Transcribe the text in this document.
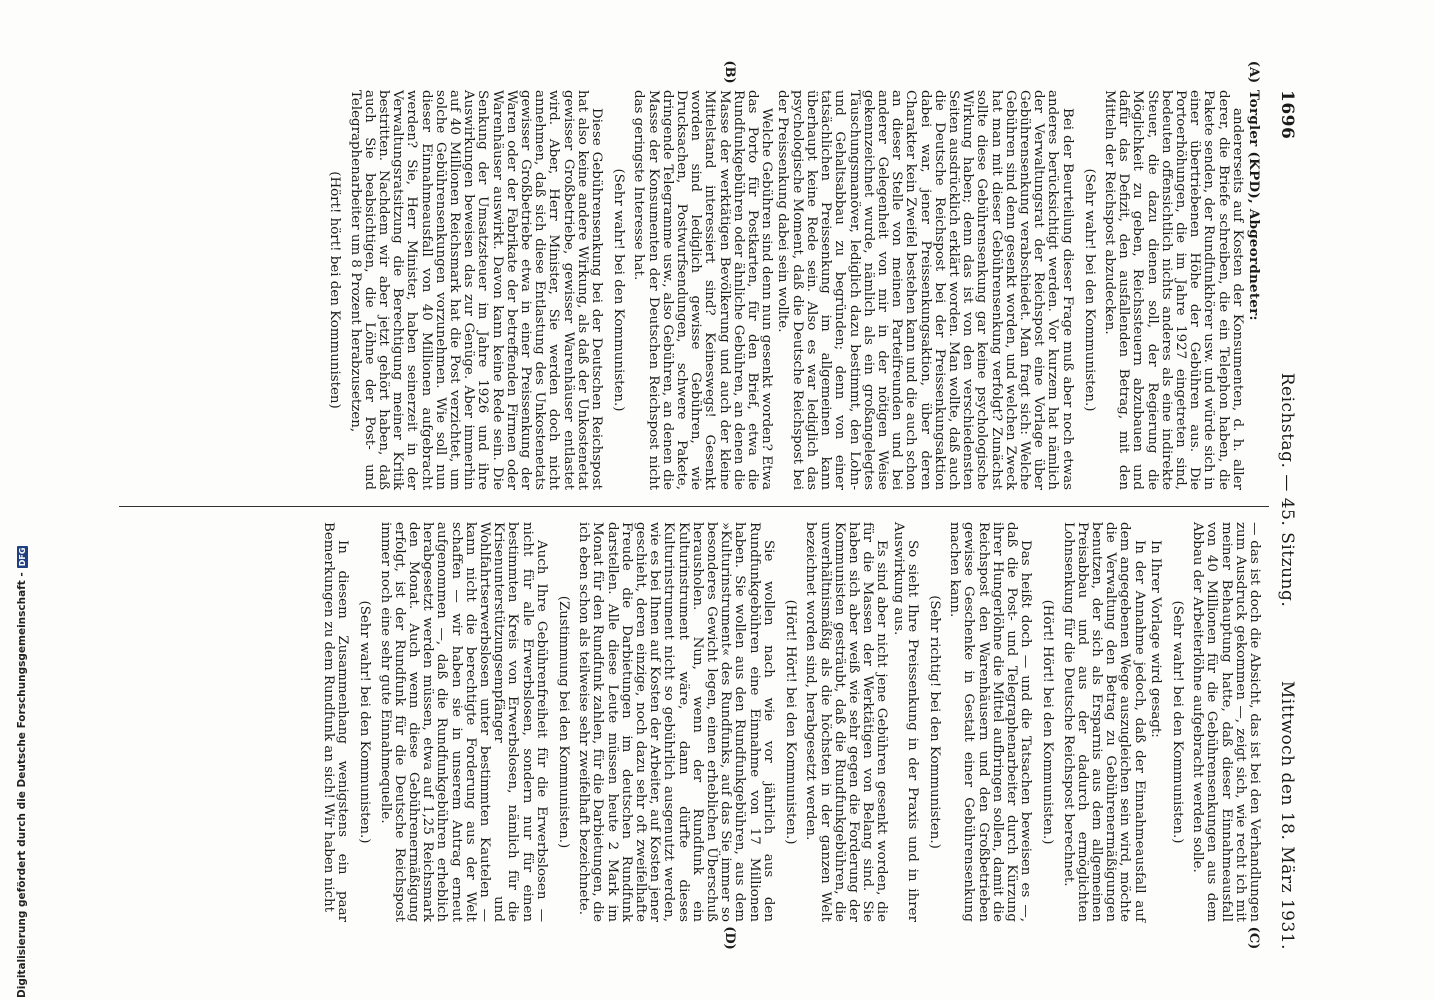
1696
Reichstag. — 45. Sitzung.
Mittwoch den 18. März 1931.
(A)
(B)
(C)
(D)

Torgler (KPD), Abgeordneter:

andererseits auf Kosten der Konsumenten, d. h. aller derer, die Briefe schreiben, die ein Telephon haben, die Pakete senden, der Rundfunkhörer usw. und würde sich in einer übertriebenen Höhe der Gebühren aus. Die Portoerhöhungen, die im Jahre 1927 eingetreten sind, bedeuten offensichtlich nichts anderes als eine indirekte Steuer, die dazu dienen soll, der Regierung die Möglichkeit zu geben, Reichssteuern abzubauen und dafür das Defizit, den ausfallenden Betrag, mit den Mitteln der Reichspost abzudecken.

(Sehr wahr! bei den Kommunisten.)

Bei der Beurteilung dieser Frage muß aber noch etwas anderes berücksichtigt werden. Vor kurzem hat nämlich der Verwaltungsrat der Reichspost eine Vorlage über Gebührensenkung verabschiedet. Man fragt sich: Welche Gebühren sind denn gesenkt worden, und welchen Zweck hat man mit dieser Gebührensenkung verfolgt? Zunächst sollte diese Gebührensenkung gar keine psychologische Wirkung haben; denn das ist von den verschiedensten Seiten ausdrücklich erklärt worden. Man wollte, daß auch die Deutsche Reichspost bei der Preissenkungsaktion dabei war, jener Preissenkungsaktion, über deren Charakter kein Zweifel bestehen kann und die auch schon an dieser Stelle von meinen Parteifreunden und bei anderer Gelegenheit von mir in der nötigen Weise gekennzeichnet wurde, nämlich als ein großangelegtes Täuschungsmanöver, lediglich dazu bestimmt, den Lohn- und Gehaltsabbau zu begründen; denn von einer tatsächlichen Preissenkung im allgemeinen kann überhaupt keine Rede sein. Also es war lediglich das psychologische Moment, daß die Deutsche Reichspost bei der Preissenkung dabei sein wollte.

Welche Gebühren sind denn nun gesenkt worden? Etwa das Porto für Postkarten, für den Brief, etwa die Rundfunkgebühren oder ähnliche Gebühren, an denen die Masse der werktätigen Bevölkerung und auch der kleine Mittelstand interessiert sind? Keineswegs! Gesenkt worden sind lediglich gewisse Gebühren, wie Drucksachen, Postwurfsendungen, schwere Pakete, dringende Telegramme usw., also Gebühren, an denen die Masse der Konsumenten der Deutschen Reichspost nicht das geringste Interesse hat.

(Sehr wahr! bei den Kommunisten.)

Diese Gebührensenkung bei der Deutschen Reichspost hat also keine andere Wirkung, als daß der Unkostenetat gewisser Großbetriebe, gewisser Warenhäuser entlastet wird. Aber, Herr Minister, Sie werden doch nicht annehmen, daß sich diese Entlastung des Unkostenetats gewisser Großbetriebe etwa in einer Preissenkung der Waren oder der Fabrikate der betreffenden Firmen oder Warenhäuser auswirkt. Davon kann keine Rede sein. Die Senkung der Umsatzsteuer im Jahre 1926 und ihre Auswirkungen beweisen das zur Genüge. Aber immerhin auf 40 Millionen Reichsmark hat die Post verzichtet, um solche Gebührensenkungen vorzunehmen. Wie soll nun dieser Einnahmeausfall von 40 Millionen aufgebracht werden? Sie, Herr Minister, haben seinerzeit in der Verwaltungsratsitzung die Berechtigung meiner Kritik bestritten. Nachdem wir aber jetzt gehört haben, daß auch Sie beabsichtigen, die Löhne der Post- und Telegraphenarbeiter um 8 Prozent herabzusetzen,

(Hört! hört! bei den Kommunisten)

— das ist doch die Absicht, das ist bei den Verhandlungen zum Ausdruck gekommen —, zeigt sich, wie recht ich mit meiner Behauptung hatte, daß dieser Einnahmeausfall von 40 Millionen für die Gebührensenkungen aus dem Abbau der Arbeiterlöhne aufgebracht werden solle.

(Sehr wahr! bei den Kommunisten.)

In Ihrer Vorlage wird gesagt:

In der Annahme jedoch, daß der Einnahmeausfall auf dem angegebenen Wege auszugleichen sein wird, möchte die Verwaltung den Betrag zu Gebührenermäßigungen benutzen, der sich als Ersparnis aus dem allgemeinen Preisabbau und aus der dadurch ermöglichten Lohnsenkung für die Deutsche Reichspost berechnet.

(Hört! Hört! bei den Kommunisten.)

Das heißt doch — und die Tatsachen beweisen es —, daß die Post- und Telegraphenarbeiter durch Kürzung ihrer Hungerlöhne die Mittel aufbringen sollen, damit die Reichspost den Warenhäusern und den Großbetrieben gewisse Geschenke in Gestalt einer Gebührensenkung machen kann.

(Sehr richtig! bei den Kommunisten.)

So sieht Ihre Preissenkung in der Praxis und in ihrer Auswirkung aus.

Es sind aber nicht jene Gebühren gesenkt worden, die für die Massen der Werktätigen von Belang sind. Sie haben sich aber weiß wie sehr gegen die Forderung der Kommunisten gesträubt, daß die Rundfunkgebühren, die unverhältnismäßig als die höchsten in der ganzen Welt bezeichnet worden sind, herabgesetzt werden.

(Hört! Hört! bei den Kommunisten.)

Sie wollen nach wie vor jährlich aus den Rundfunkgebühren eine Einnahme von 17 Millionen haben. Sie wollen aus den Rundfunkgebühren, aus dem »Kulturinstrument« des Rundfunks, auf das Sie immer so besonderes Gewicht legen, einen erheblichen Überschuß herausholen. Nun, wenn der Rundfunk ein Kulturinstrument wäre, dann dürfte dieses Kulturinstrument nicht so gebührlich ausgenutzt werden, wie es bei Ihnen auf Kosten der Arbeiter, auf Kosten jener geschieht, deren einzige, noch dazu sehr oft zweifelhafte Freude die Darbietungen im deutschen Rundfunk darstellen. Alle diese Leute müssen heute 2 Mark im Monat für den Rundfunk zahlen, für die Darbietungen, die ich eben schon als teilweise sehr zweifelhaft bezeichnete.

(Zustimmung bei den Kommunisten.)

Auch Ihre Gebührenfreiheit für die Erwerbslosen — nicht für alle Erwerbslosen, sondern nur für einen bestimmten Kreis von Erwerbslosen, nämlich für die Krisenunterstützungsempfänger und Wohlfahrtserwerbslosen unter bestimmten Kautelen — kann nicht die berechtigte Forderung aus der Welt schaffen — wir haben sie in unserem Antrag erneut aufgenommen —, daß die Rundfunkgebühren erheblich herabgesetzt werden müssen, etwa auf 1,25 Reichsmark den Monat. Auch wenn diese Gebührenermäßigung erfolgt, ist der Rundfunk für die Deutsche Reichspost immer noch eine sehr gute Einnahmequelle.

(Sehr wahr! bei den Kommunisten.)

In diesem Zusammenhang wenigstens ein paar Bemerkungen zu dem Rundfunk an sich! Wir haben nicht

Digitalisierung gefördert durch die Deutsche Forschungsgemeinschaft -
DFG
